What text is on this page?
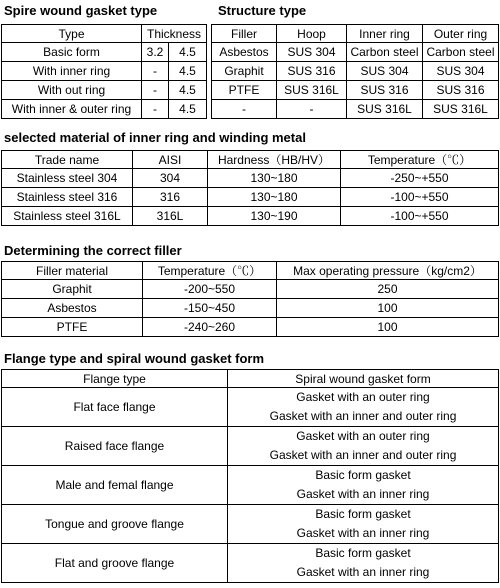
Spire wound gasket type	Structure type
Type	Thickness			Filler	Hoop	Inner ring	Outer ring
Basic form	3.2	4.5		Asbestos	SUS 304	Carbon steel	Carbon steel
With inner ring	-	4.5		Graphit	SUS 316	SUS 304	SUS 304
With out ring	-	4.5		PTFE	SUS 316L	SUS 316	SUS 316
With inner & outer ring	-	4.5		-	-	SUS 316L	SUS 316L
selected material of inner ring and winding metal
Trade name	AISI	Hardness（HB/HV）	Temperature（℃）
Stainless steel 304	304	130~180	-250~+550
Stainless steel 316	316	130~180	-100~+550
Stainless steel 316L	316L	130~190	-100~+550
Determining the correct filler
Filler material	Temperature（℃）	Max operating pressure（kg/cm2）
Graphit	-200~550	250
Asbestos	-150~450	100
PTFE	-240~260	100
Flange type and spiral wound gasket form
Flange type	Spiral wound gasket form
Flat face flange	Gasket with an outer ring
Gasket with an inner and outer ring

Raised face flange	Gasket with an outer ring
Gasket with an inner and outer ring

Male and femal flange	Basic form gasket
Gasket with an inner ring

Tongue and groove flange	Basic form gasket
Gasket with an inner ring

Flat and groove flange	Basic form gasket
Gasket with an inner ring
